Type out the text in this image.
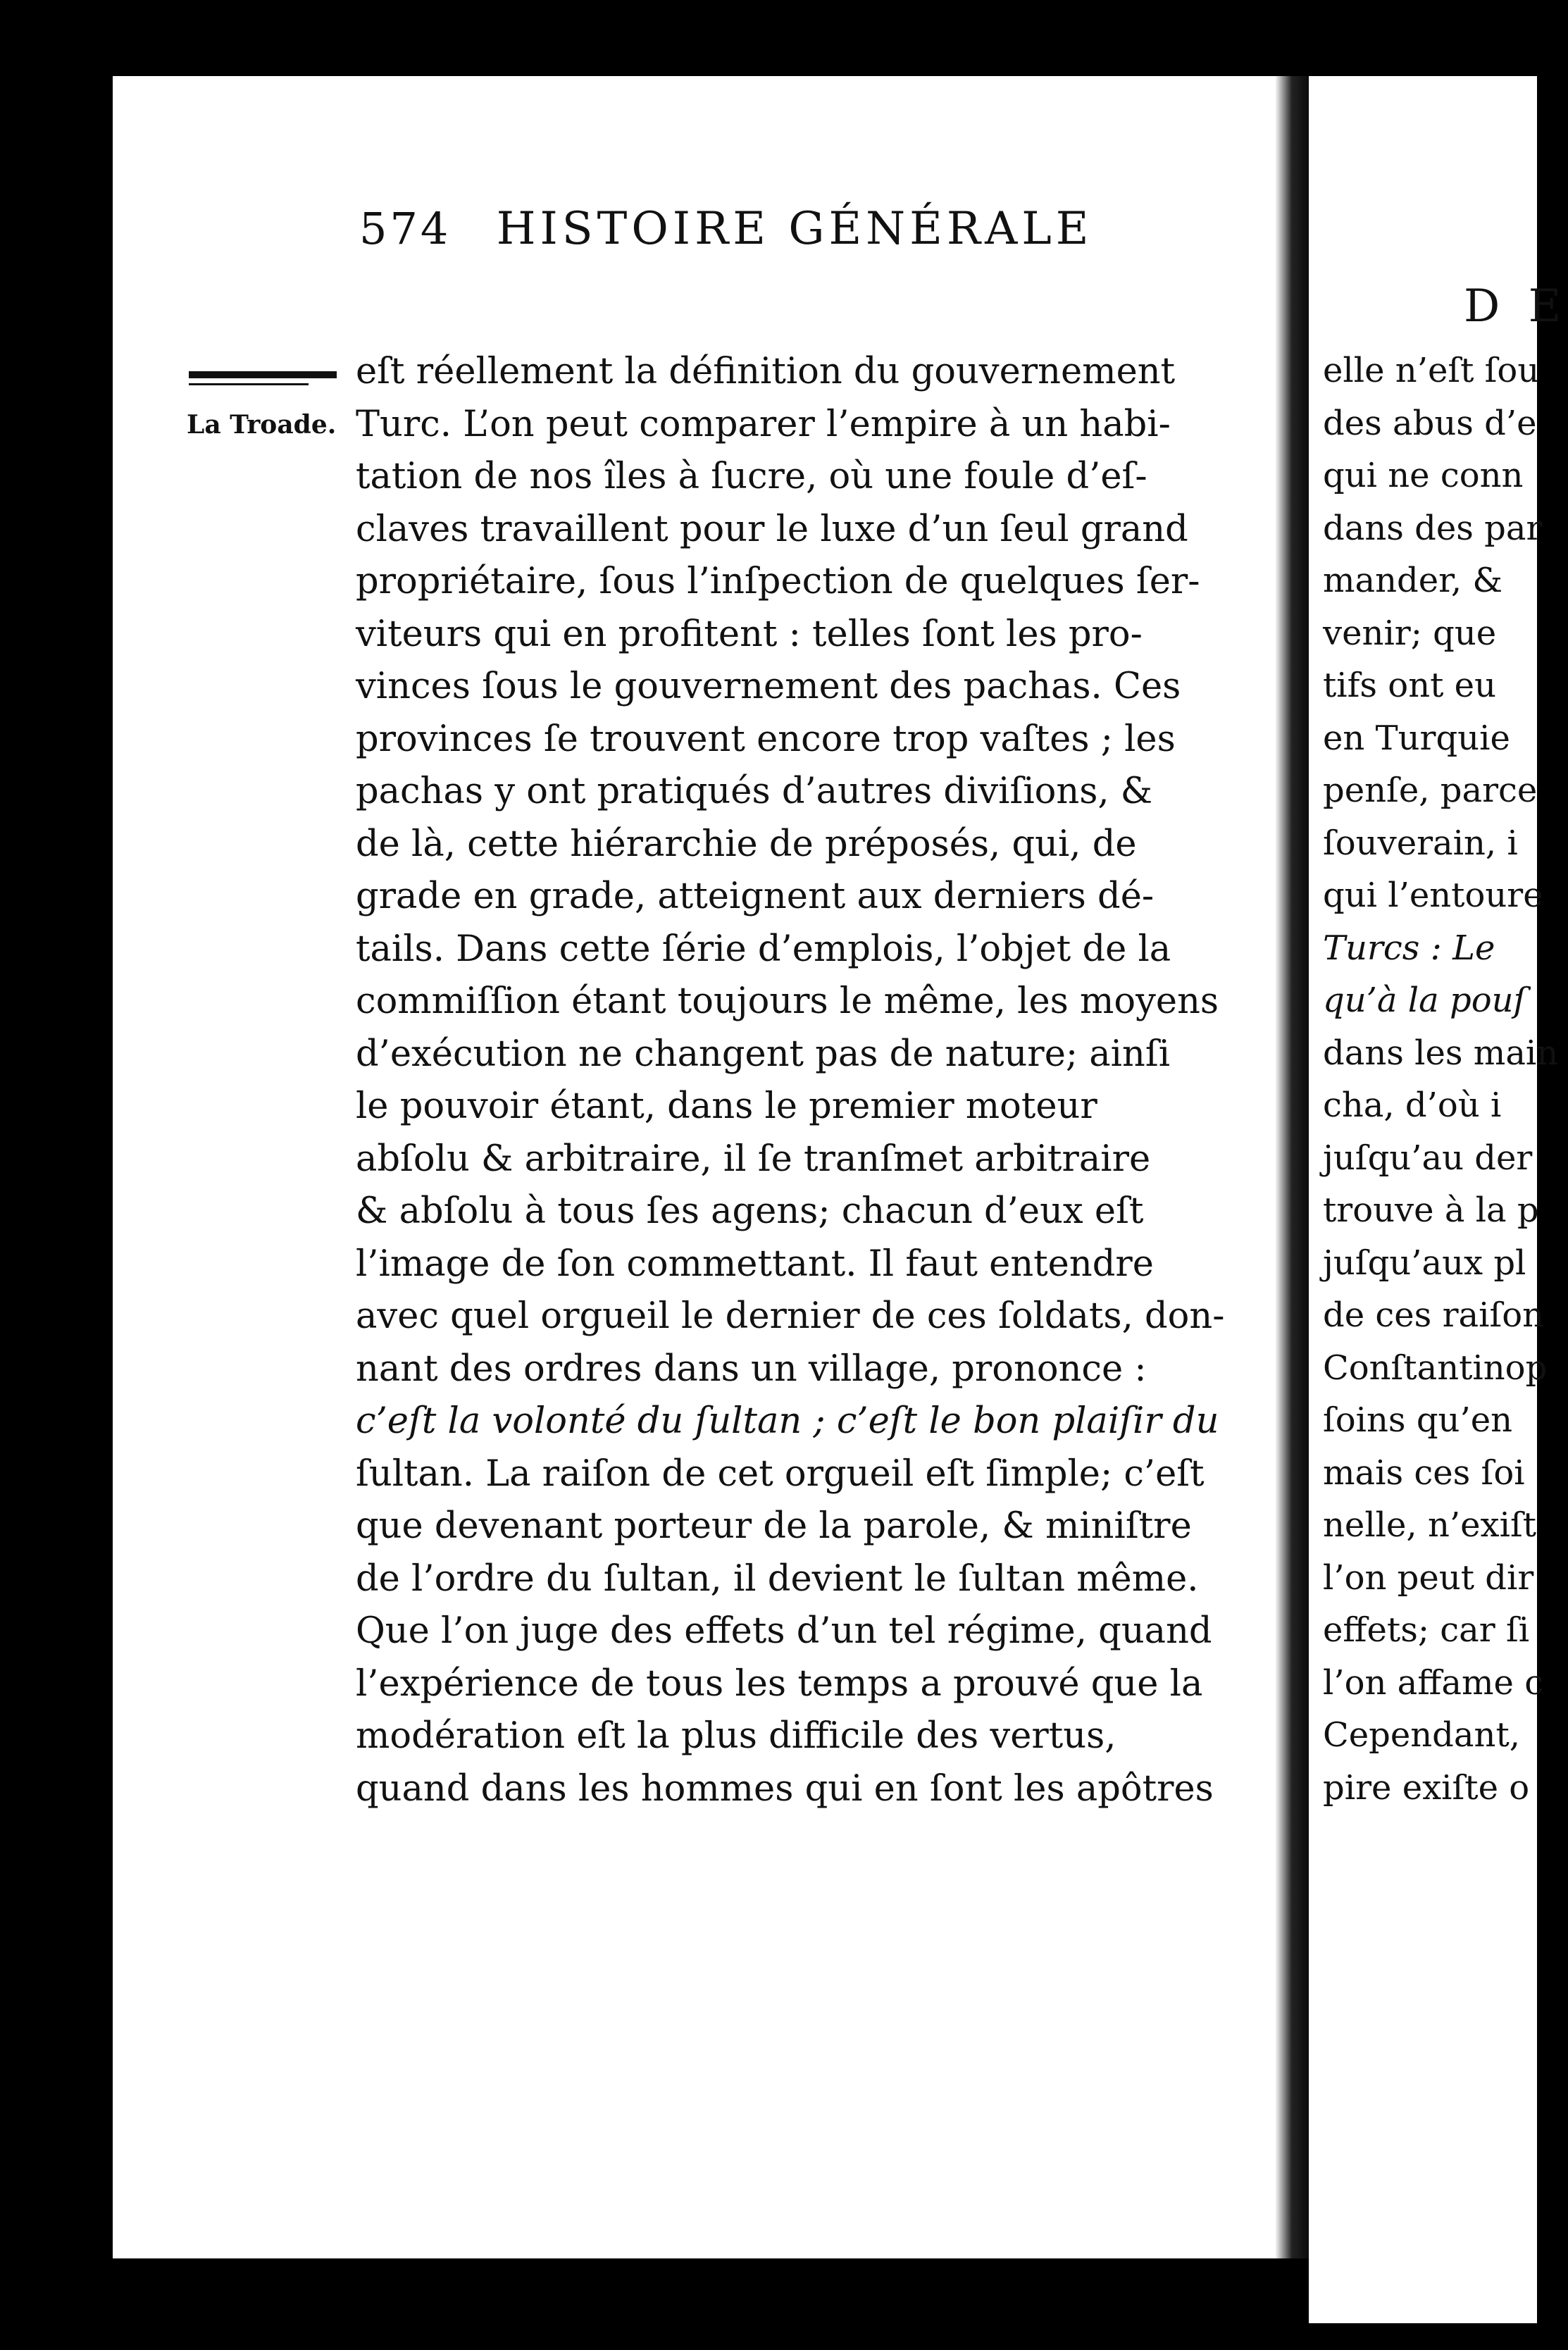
D E
elle n’eſt ſou
des abus d’e
qui ne conn
dans des par
mander, &
venir; que
tifs ont eu
en Turquie
penſe, parce
ſouverain, i
qui l’entoure
Turcs : Le
qu’à la pouſ
dans les main
cha, d’où i
juſqu’au der
trouve à la p
juſqu’aux pl
de ces raiſon
Conſtantinop
ſoins qu’en
mais ces ſoi
nelle, n’exiſt
l’on peut dir
effets; car ſi
l’on affame c
Cependant,
pire exiſte o
574 HISTOIRE GÉNÉRALE
La Troade.
eſt réellement la définition du gouvernement
Turc. L’on peut comparer l’empire à un habi-
tation de nos îles à ſucre, où une foule d’eſ-
claves travaillent pour le luxe d’un ſeul grand
propriétaire, ſous l’inſpection de quelques ſer-
viteurs qui en profitent : telles ſont les pro-
vinces ſous le gouvernement des pachas. Ces
provinces ſe trouvent encore trop vaſtes ; les
pachas y ont pratiqués d’autres diviſions, &
de là, cette hiérarchie de préposés, qui, de
grade en grade, atteignent aux derniers dé-
tails. Dans cette ſérie d’emplois, l’objet de la
commiſſion étant toujours le même, les moyens
d’exécution ne changent pas de nature; ainſi
le pouvoir étant, dans le premier moteur
abſolu & arbitraire, il ſe tranſmet arbitraire
& abſolu à tous ſes agens; chacun d’eux eſt
l’image de ſon commettant. Il faut entendre
avec quel orgueil le dernier de ces ſoldats, don-
nant des ordres dans un village, prononce :
c’eſt la volonté du ſultan ; c’eſt le bon plaiſir du
ſultan. La raiſon de cet orgueil eſt ſimple; c’eſt
que devenant porteur de la parole, & miniſtre
de l’ordre du ſultan, il devient le ſultan même.
Que l’on juge des effets d’un tel régime, quand
l’expérience de tous les temps a prouvé que la
modération eſt la plus difficile des vertus,
quand dans les hommes qui en ſont les apôtres
